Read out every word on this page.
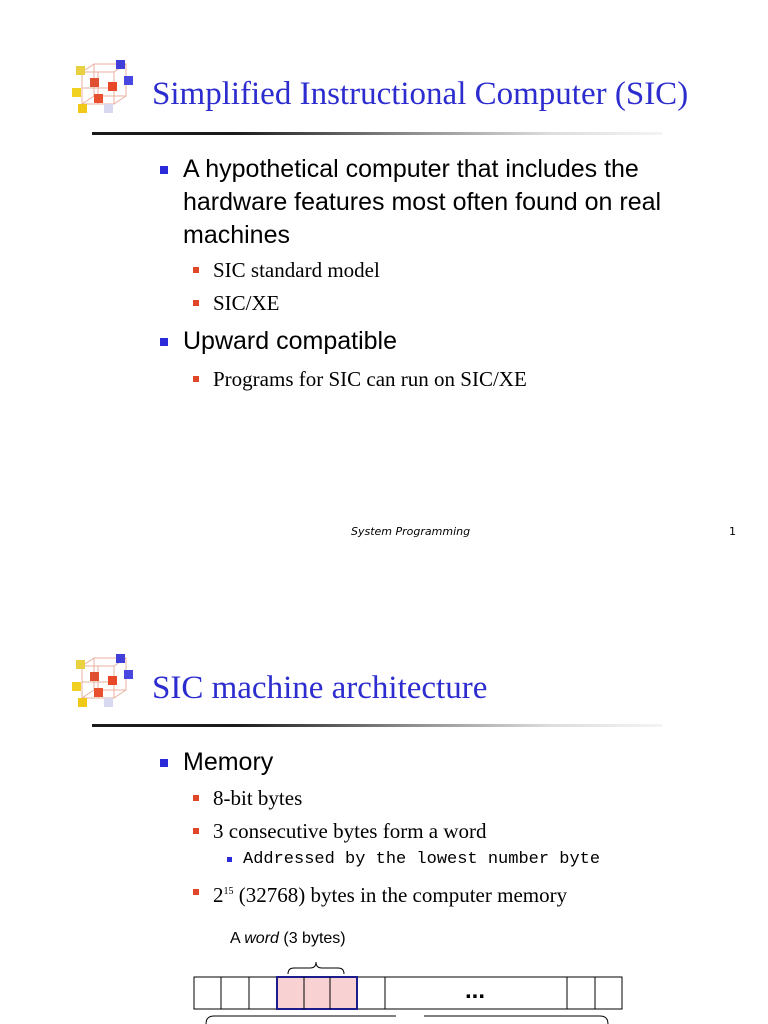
Simplified Instructional Computer (SIC)
A hypothetical computer that includes the
hardware features most often found on real
machines
SIC standard model
SIC/XE
Upward compatible
Programs for SIC can run on SIC/XE
System Programming	1
SIC machine architecture
Memory
8-bit bytes
3 consecutive bytes form a word
Addressed by the lowest number byte
$2^{15}$ (32768) bytes in the computer memory
A word (3 bytes)
...
